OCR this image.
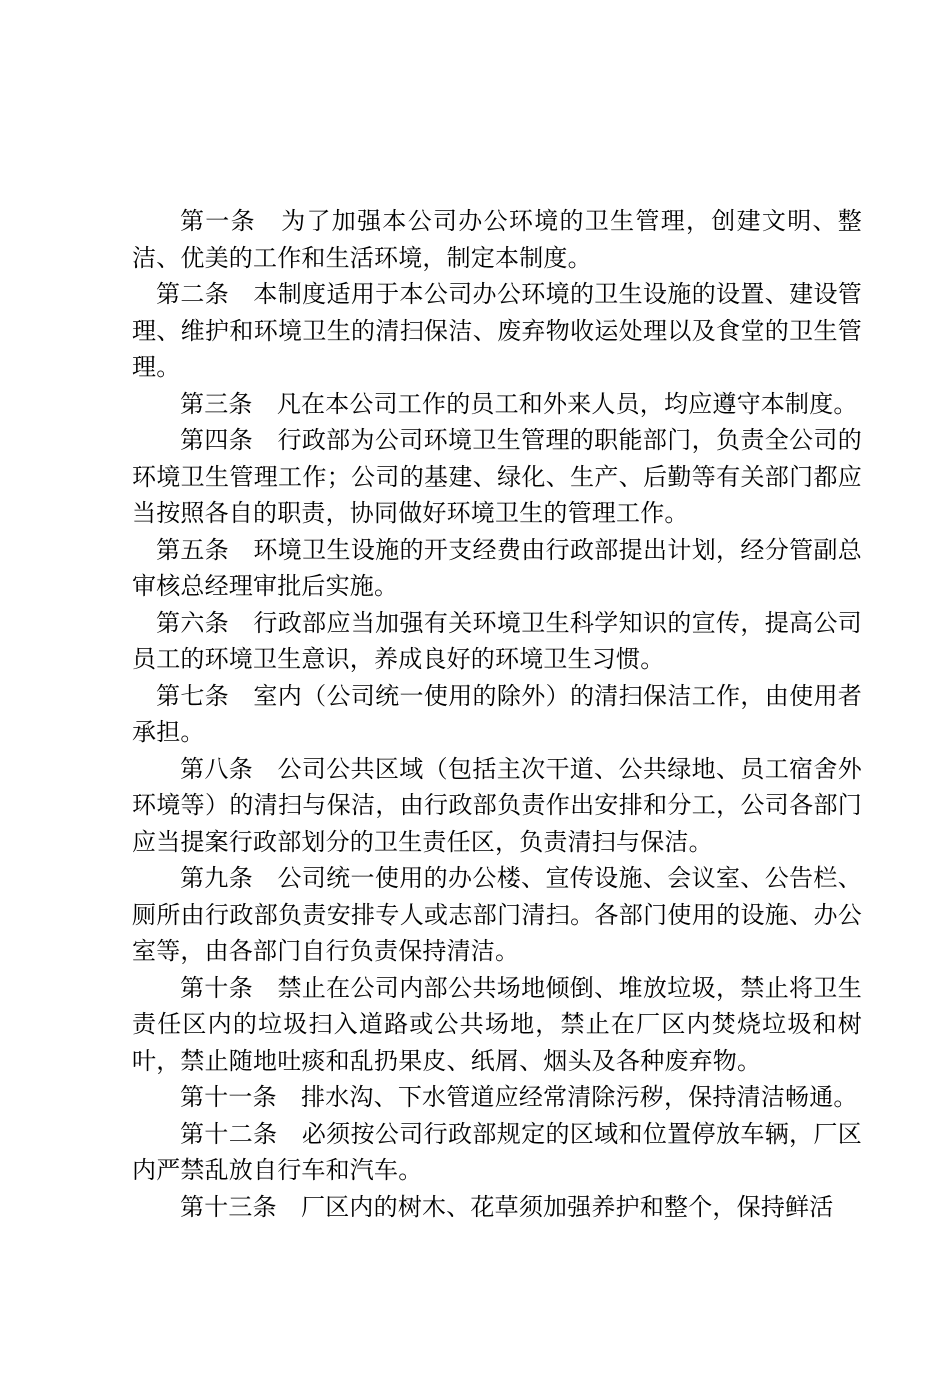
第一条 为了加强本公司办公环境的卫生管理，创建文明、整洁、优美的工作和生活环境，制定本制度。

第二条 本制度适用于本公司办公环境的卫生设施的设置、建设管理、维护和环境卫生的清扫保洁、废弃物收运处理以及食堂的卫生管理。

第三条 凡在本公司工作的员工和外来人员，均应遵守本制度。

第四条 行政部为公司环境卫生管理的职能部门，负责全公司的环境卫生管理工作；公司的基建、绿化、生产、后勤等有关部门都应当按照各自的职责，协同做好环境卫生的管理工作。

第五条 环境卫生设施的开支经费由行政部提出计划，经分管副总审核总经理审批后实施。

第六条 行政部应当加强有关环境卫生科学知识的宣传，提高公司员工的环境卫生意识，养成良好的环境卫生习惯。

第七条 室内（公司统一使用的除外）的清扫保洁工作，由使用者承担。

第八条 公司公共区域（包括主次干道、公共绿地、员工宿舍外环境等）的清扫与保洁，由行政部负责作出安排和分工，公司各部门应当提案行政部划分的卫生责任区，负责清扫与保洁。

第九条 公司统一使用的办公楼、宣传设施、会议室、公告栏、厕所由行政部负责安排专人或志部门清扫。各部门使用的设施、办公室等，由各部门自行负责保持清洁。

第十条 禁止在公司内部公共场地倾倒、堆放垃圾，禁止将卫生责任区内的垃圾扫入道路或公共场地，禁止在厂区内焚烧垃圾和树叶，禁止随地吐痰和乱扔果皮、纸屑、烟头及各种废弃物。

第十一条 排水沟、下水管道应经常清除污秽，保持清洁畅通。

第十二条 必须按公司行政部规定的区域和位置停放车辆，厂区内严禁乱放自行车和汽车。

第十三条 厂区内的树木、花草须加强养护和整个，保持鲜活
